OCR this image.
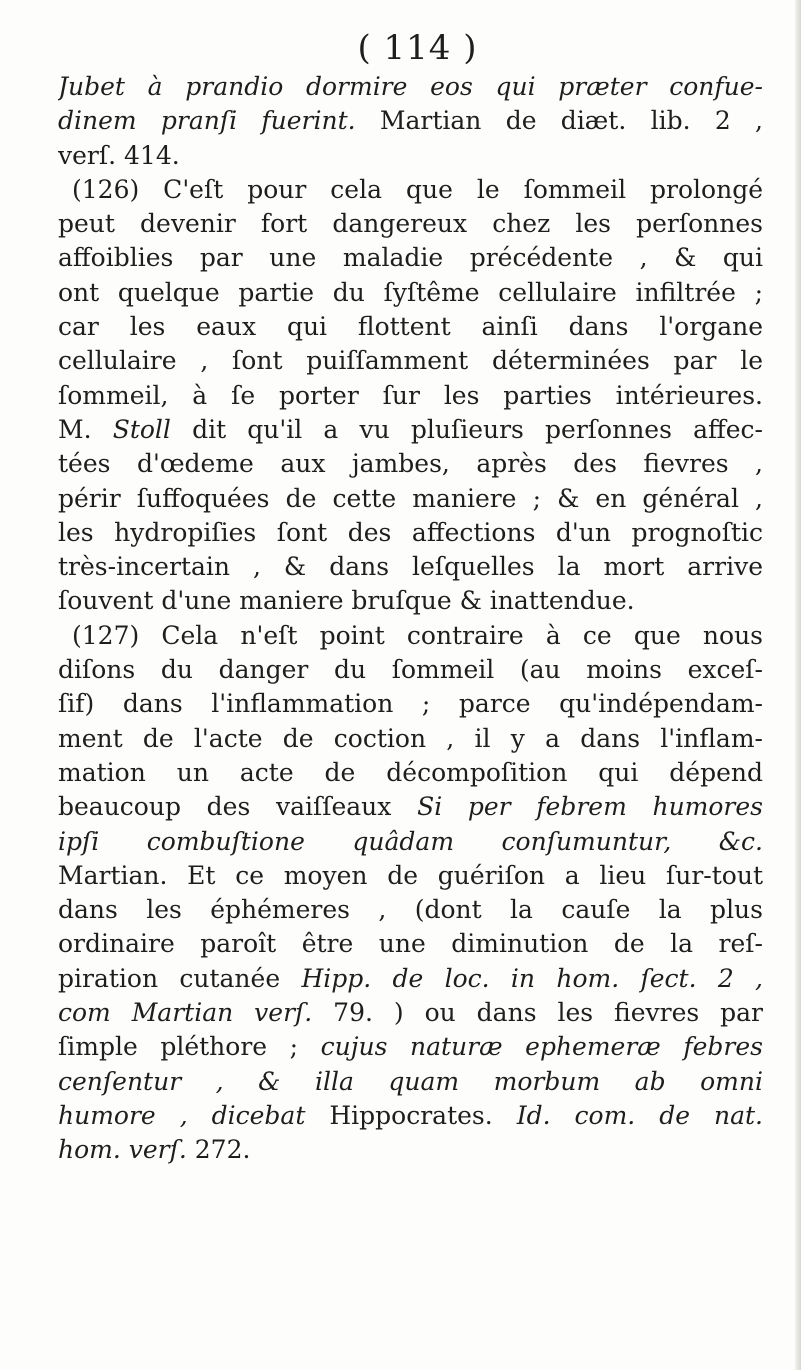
( 114 )
Jubet à prandio dormire eos qui præter confue-
dinem pranſi fuerint. Martian de diæt. lib. 2 ,
verſ. 414.
(126) C'eſt pour cela que le ſommeil prolongé
peut devenir fort dangereux chez les perſonnes
affoiblies par une maladie précédente , & qui
ont quelque partie du ſyſtême cellulaire infiltrée ;
car les eaux qui flottent ainſi dans l'organe
cellulaire , ſont puiſſamment déterminées par le
ſommeil, à ſe porter ſur les parties intérieures.
M. Stoll dit qu'il a vu pluſieurs perſonnes affec-
tées d'œdeme aux jambes, après des fievres ,
périr ſuffoquées de cette maniere ; & en général ,
les hydropiſies ſont des affections d'un prognoſtic
très-incertain , & dans leſquelles la mort arrive
ſouvent d'une maniere bruſque & inattendue.
(127) Cela n'eſt point contraire à ce que nous
diſons du danger du ſommeil (au moins exceſ-
ſif) dans l'inflammation ; parce qu'indépendam-
ment de l'acte de coction , il y a dans l'inflam-
mation un acte de décompoſition qui dépend
beaucoup des vaiſſeaux Si per febrem humores
ipſi combuſtione quâdam conſumuntur, &c.
Martian. Et ce moyen de guériſon a lieu ſur-tout
dans les éphémeres , (dont la cauſe la plus
ordinaire paroît être une diminution de la reſ-
piration cutanée Hipp. de loc. in hom. ſect. 2 ,
com Martian verſ. 79. ) ou dans les fievres par
ſimple pléthore ; cujus naturæ ephemeræ febres
cenſentur , & illa quam morbum ab omni
humore , dicebat Hippocrates. Id. com. de nat.
hom. verſ. 272.
